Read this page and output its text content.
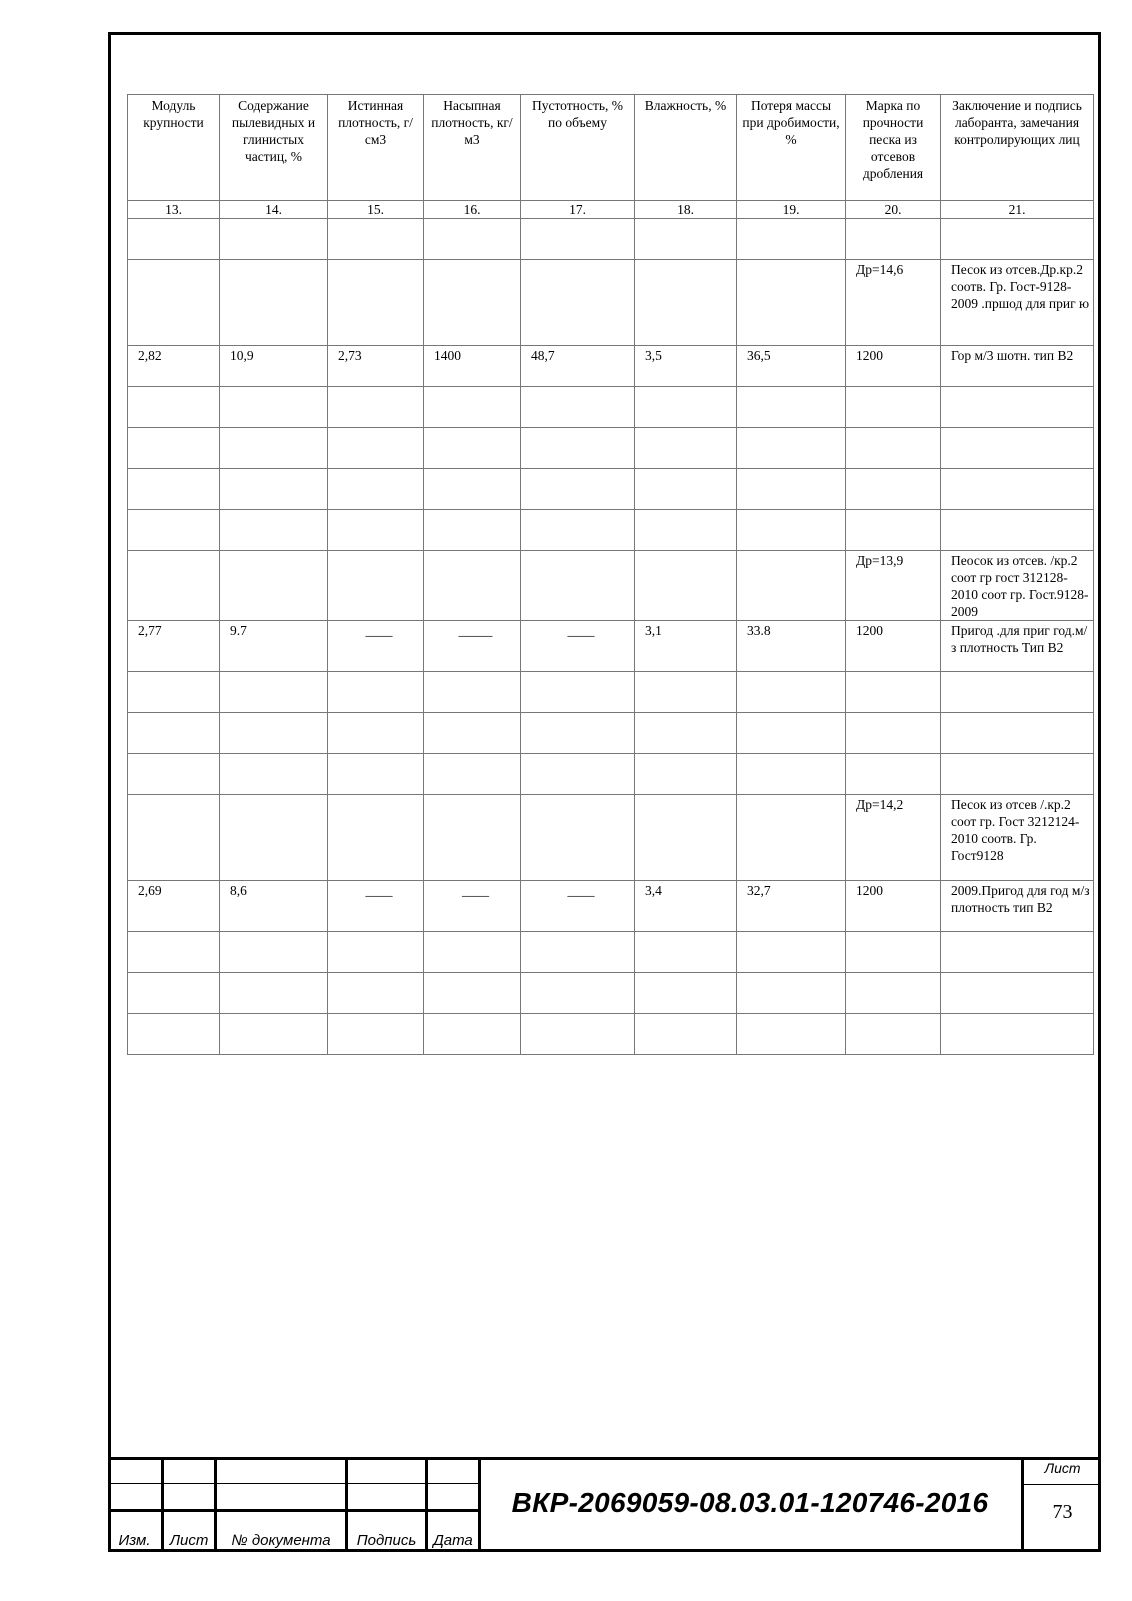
Модуль крупности	Содержание пылевидных и глинистых частиц, %	Истинная плотность, г/см3	Насыпная плотность, кг/м3	Пустотность, % по объему	Влажность, %	Потеря массы при дробимости, %	Марка по прочности песка из отсевов дробления	Заключение и подпись лаборанта, замечания контролирующих лиц
13.	14.	15.	16.	17.	18.	19.	20.	21.

							Др=14,6	Песок из отсев.Др.кр.2 соотв. Гр. Гост-9128-2009 .пршод для приг ю
2,82	10,9	2,73	1400	48,7	3,5	36,5	1200	Гор м/3 шотн. тип В2

							Др=13,9	Пеосок из отсев. /кр.2 соот гр гост 312128-2010 соот гр. Гост.9128-2009
2,77	9.7	____	_____	____	3,1	33.8	1200	Пригод .для приг год.м/з плотность Тип В2

							Др=14,2	Песок из отсев /.кр.2 соот гр. Гост 3212124-2010 соотв. Гр. Гост9128
2,69	8,6	____	____	____	3,4	32,7	1200	2009.Пригод для год м/з плотность тип В2

Изм.	Лист	№ документа	Подпись	Дата
ВКР-2069059-08.03.01-120746-2016
Лист
73
